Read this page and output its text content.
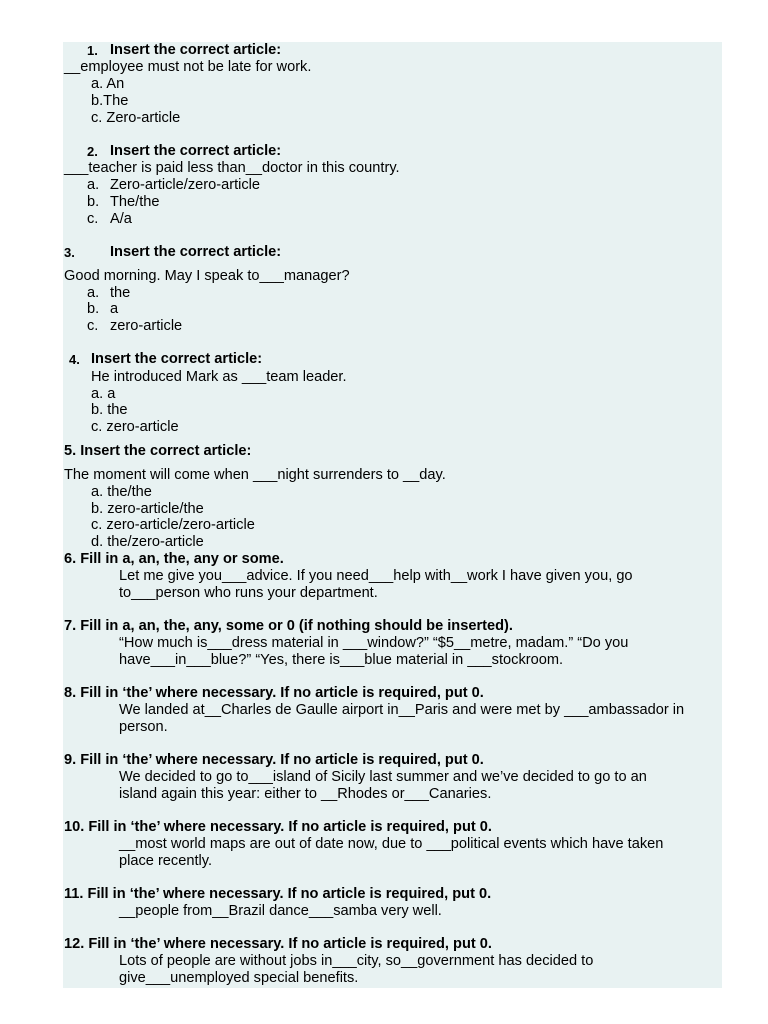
1. Insert the correct article:
__employee must not be late for work.
a. An
b.The
c. Zero-article
2. Insert the correct article:
___teacher is paid less than__doctor in this country.
a. Zero-article/zero-article
b. The/the
c. A/a
3. Insert the correct article:
Good morning. May I speak to___manager?
a. the
b. a
c. zero-article
4. Insert the correct article:
He introduced Mark as ___team leader.
a. a
b. the
c. zero-article
5. Insert the correct article:
The moment will come when ___night surrenders to __day.
a. the/the
b. zero-article/the
c. zero-article/zero-article
d. the/zero-article
6. Fill in a, an, the, any or some.
Let me give you___advice. If you need___help with__work I have given you, go
to___person who runs your department.
7. Fill in a, an, the, any, some or 0 (if nothing should be inserted).
“How much is___dress material in ___window?” “$5__metre, madam.” “Do you
have___in___blue?” “Yes, there is___blue material in ___stockroom.
8. Fill in ‘the’ where necessary. If no article is required, put 0.
We landed at__Charles de Gaulle airport in__Paris and were met by ___ambassador in
person.
9. Fill in ‘the’ where necessary. If no article is required, put 0.
We decided to go to___island of Sicily last summer and we’ve decided to go to an
island again this year: either to __Rhodes or___Canaries.
10. Fill in ‘the’ where necessary. If no article is required, put 0.
__most world maps are out of date now, due to ___political events which have taken
place recently.
11. Fill in ‘the’ where necessary. If no article is required, put 0.
__people from__Brazil dance___samba very well.
12. Fill in ‘the’ where necessary. If no article is required, put 0.
Lots of people are without jobs in___city, so__government has decided to
give___unemployed special benefits.
